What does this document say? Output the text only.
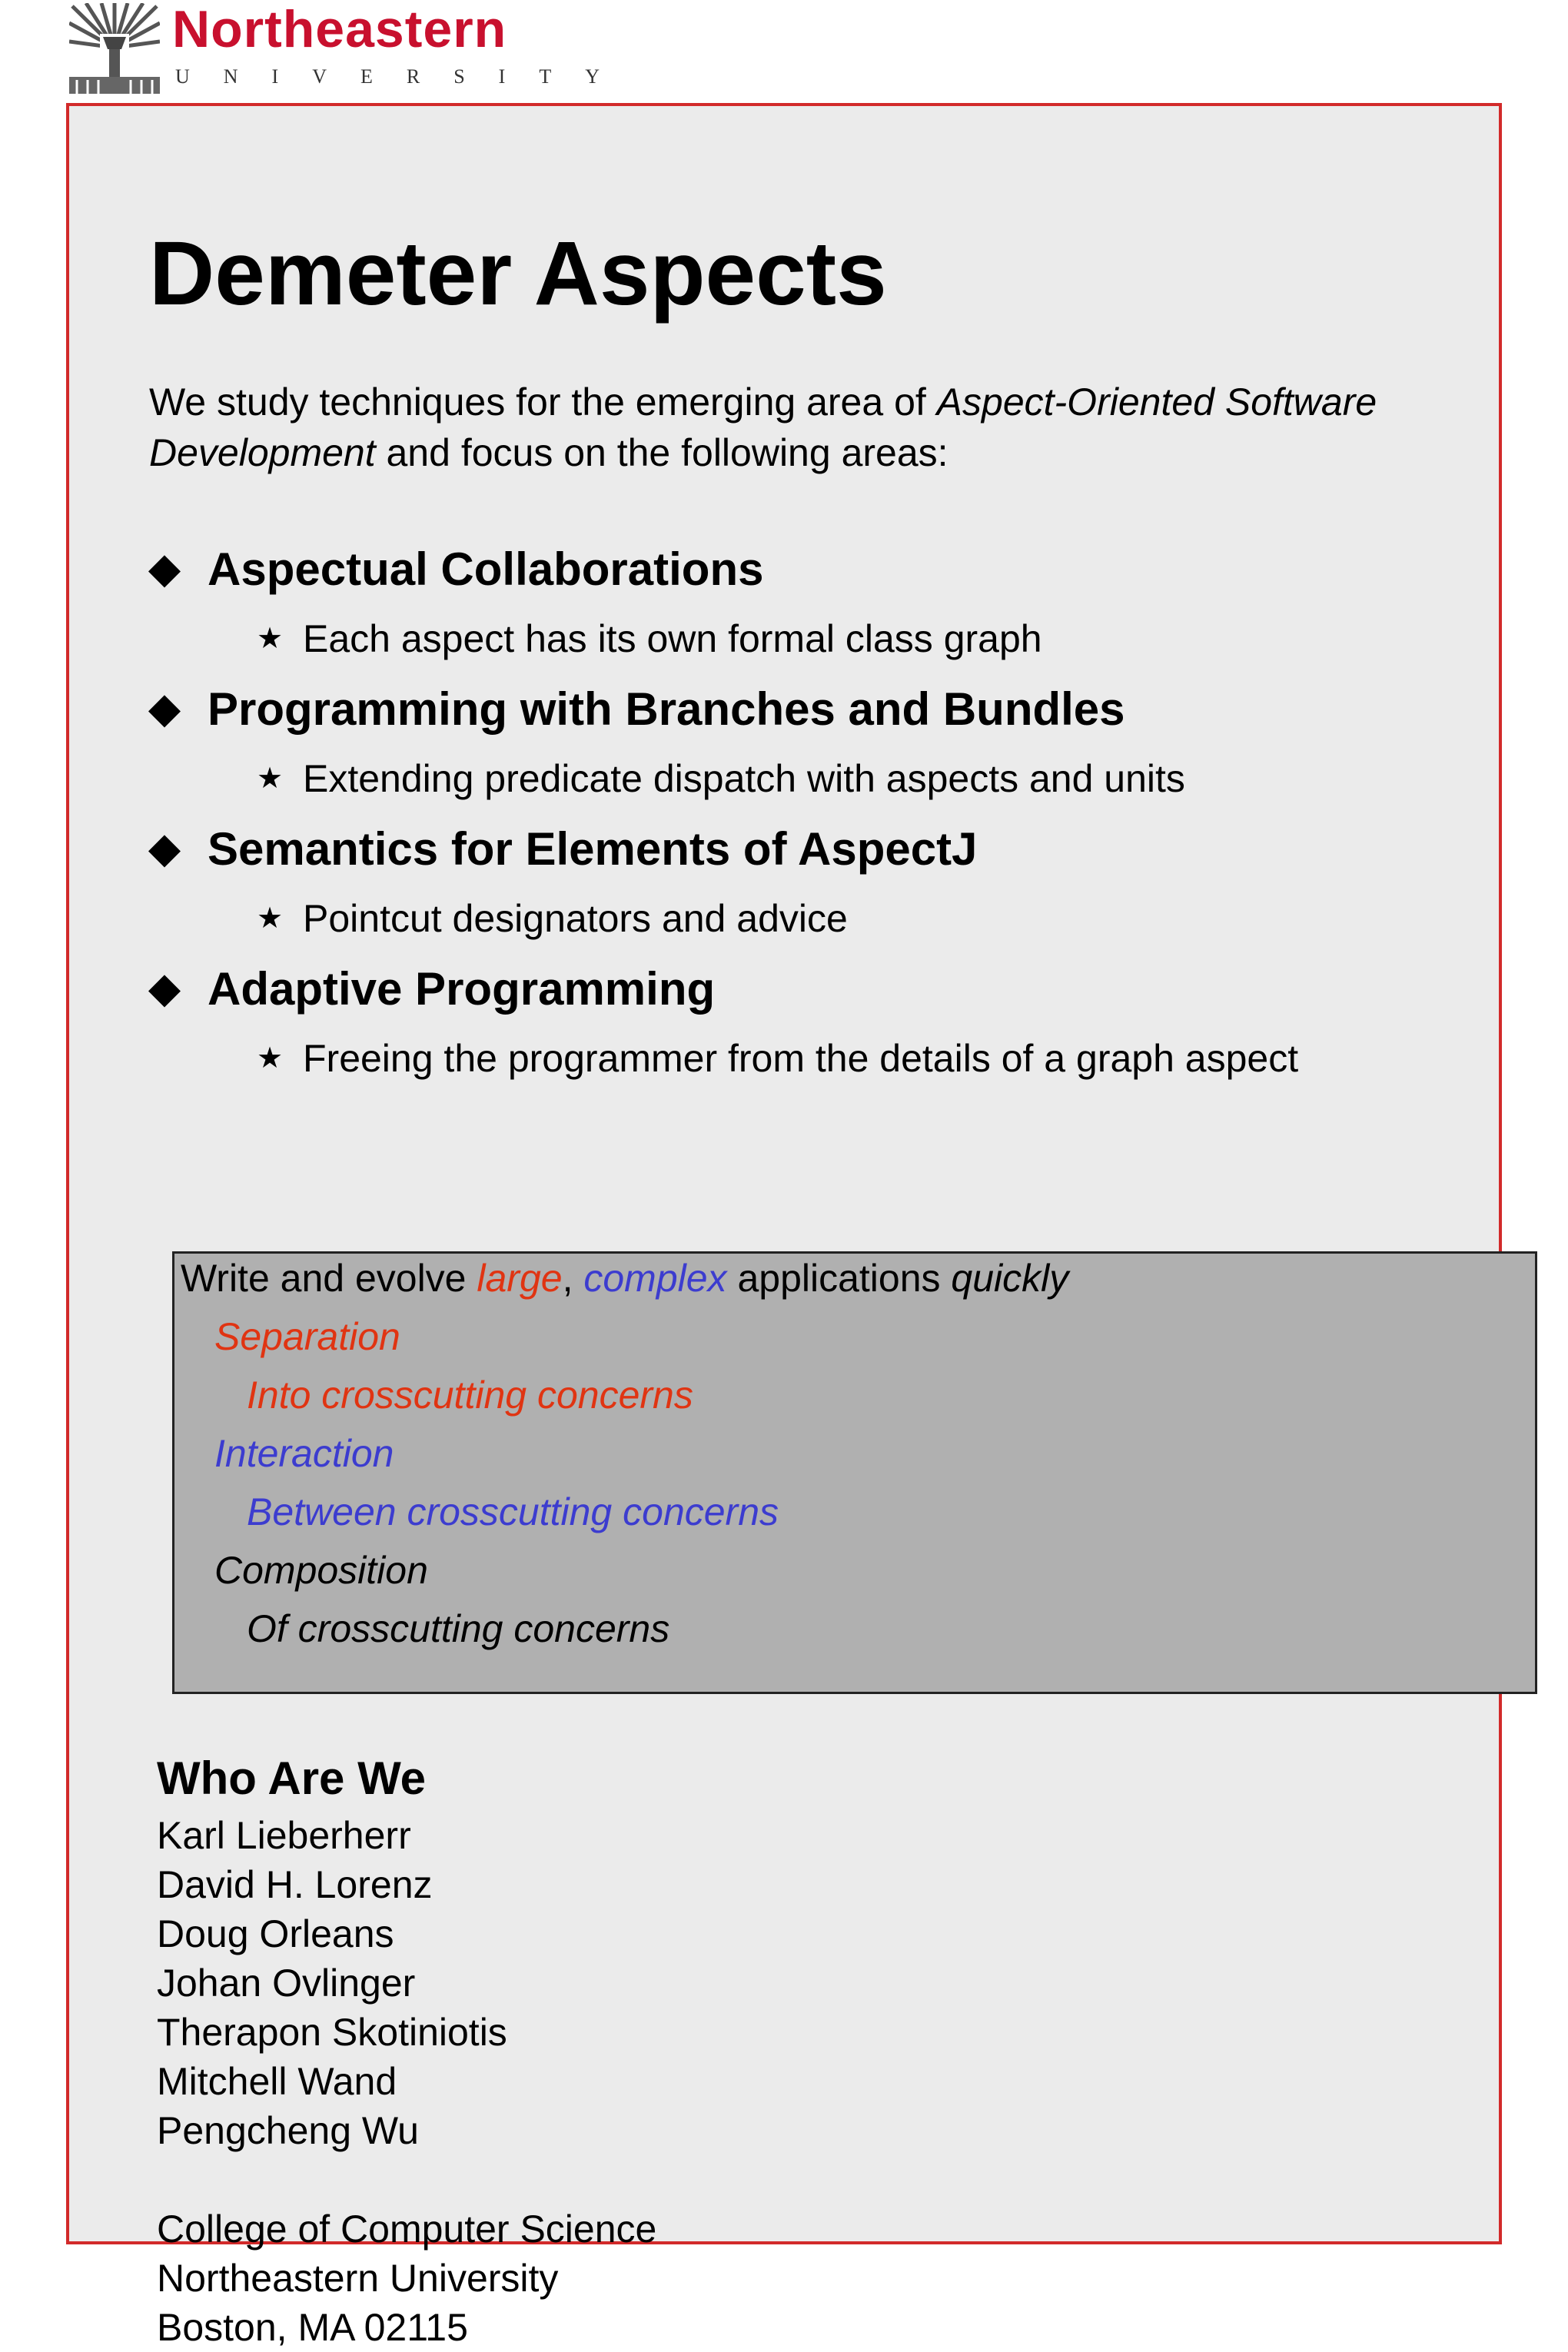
Northeastern
UNIVERSITY
Demeter Aspects
We study techniques for the emerging area of Aspect-Oriented Software Development and focus on the following areas:
◆ Aspectual Collaborations
★ Each aspect has its own formal class graph
◆ Programming with Branches and Bundles
★ Extending predicate dispatch with aspects and units
◆ Semantics for Elements of AspectJ
★ Pointcut designators and advice
◆ Adaptive Programming
★ Freeing the programmer from the details of a graph aspect
Write and evolve large, complex applications quickly
Separation
Into crosscutting concerns
Interaction
Between crosscutting concerns
Composition
Of crosscutting concerns
Who Are We
Karl Lieberherr
David H. Lorenz
Doug Orleans
Johan Ovlinger
Therapon Skotiniotis
Mitchell Wand
Pengcheng Wu
College of Computer Science
Northeastern University
Boston, MA 02115
